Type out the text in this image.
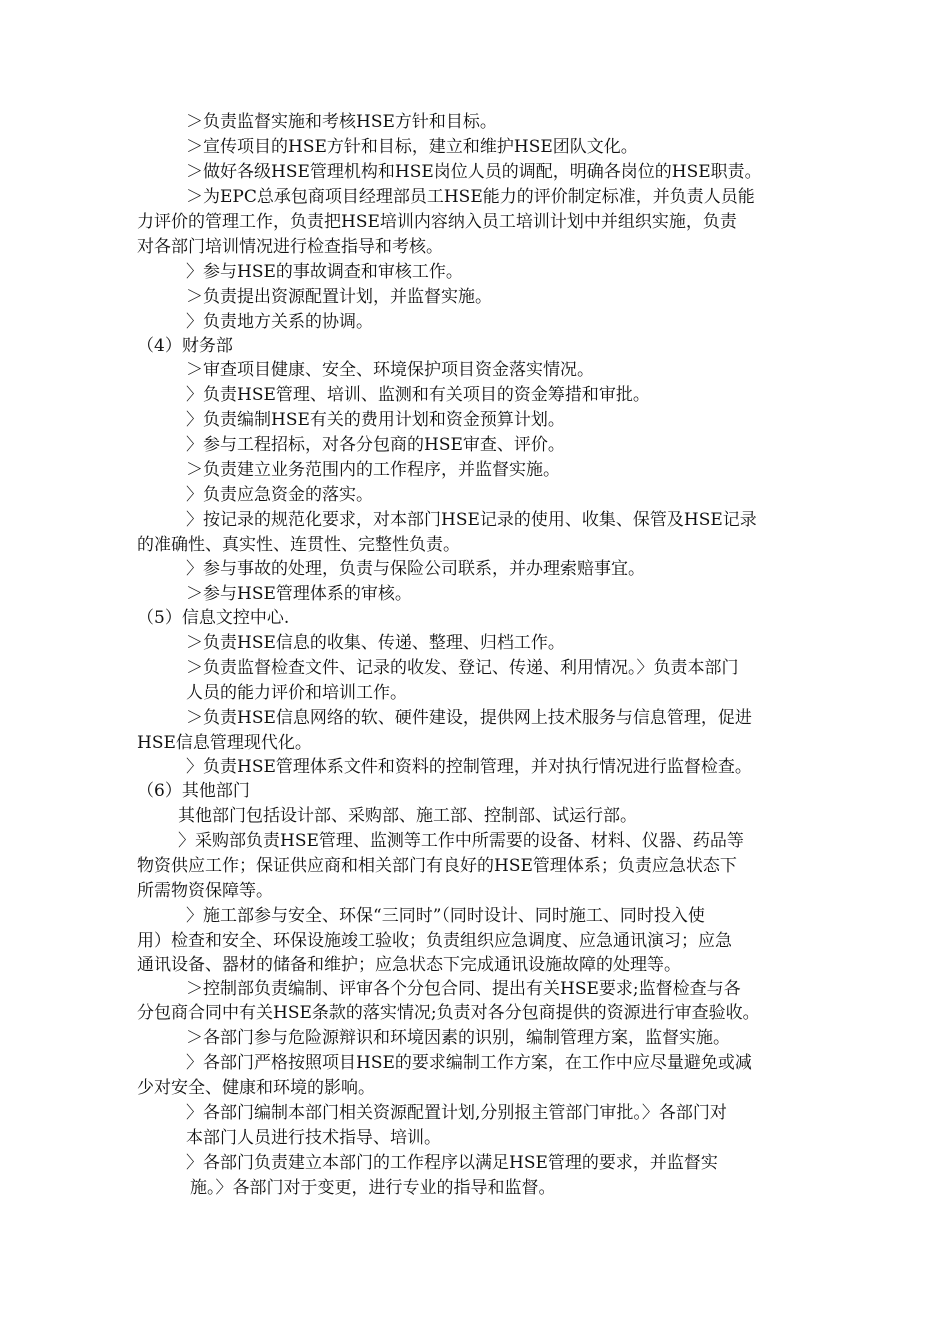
＞负责监督实施和考核HSE方针和目标。
＞宣传项目的HSE方针和目标，建立和维护HSE团队文化。
＞做好各级HSE管理机构和HSE岗位人员的调配，明确各岗位的HSE职责。
＞为EPC总承包商项目经理部员工HSE能力的评价制定标准，并负责人员能
力评价的管理工作，负责把HSE培训内容纳入员工培训计划中并组织实施，负责
对各部门培训情况进行检查指导和考核。
〉参与HSE的事故调查和审核工作。
＞负责提出资源配置计划，并监督实施。
〉负责地方关系的协调。
（4）财务部
＞审查项目健康、安全、环境保护项目资金落实情况。
〉负责HSE管理、培训、监测和有关项目的资金筹措和审批。
〉负责编制HSE有关的费用计划和资金预算计划。
〉参与工程招标，对各分包商的HSE审查、评价。
＞负责建立业务范围内的工作程序，并监督实施。
〉负责应急资金的落实。
〉按记录的规范化要求，对本部门HSE记录的使用、收集、保管及HSE记录
的准确性、真实性、连贯性、完整性负责。
〉参与事故的处理，负责与保险公司联系，并办理索赔事宜。
＞参与HSE管理体系的审核。
（5）信息文控中心.
＞负责HSE信息的收集、传递、整理、归档工作。
＞负责监督检查文件、记录的收发、登记、传递、利用情况。〉负责本部门
人员的能力评价和培训工作。
＞负责HSE信息网络的软、硬件建设，提供网上技术服务与信息管理，促进
HSE信息管理现代化。
〉负责HSE管理体系文件和资料的控制管理，并对执行情况进行监督检查。
（6）其他部门
其他部门包括设计部、采购部、施工部、控制部、试运行部。
〉采购部负责HSE管理、监测等工作中所需要的设备、材料、仪器、药品等
物资供应工作；保证供应商和相关部门有良好的HSE管理体系；负责应急状态下
所需物资保障等。
〉施工部参与安全、环保“三同时”（同时设计、同时施工、同时投入使
用）检查和安全、环保设施竣工验收；负责组织应急调度、应急通讯演习；应急
通讯设备、器材的储备和维护；应急状态下完成通讯设施故障的处理等。
＞控制部负责编制、评审各个分包合同、提出有关HSE要求;监督检查与各
分包商合同中有关HSE条款的落实情况;负责对各分包商提供的资源进行审查验收。
＞各部门参与危险源辩识和环境因素的识别，编制管理方案，监督实施。
〉各部门严格按照项目HSE的要求编制工作方案，在工作中应尽量避免或减
少对安全、健康和环境的影响。
〉各部门编制本部门相关资源配置计划,分别报主管部门审批。〉各部门对
本部门人员进行技术指导、培训。
〉各部门负责建立本部门的工作程序以满足HSE管理的要求，并监督实
施。〉各部门对于变更，进行专业的指导和监督。
